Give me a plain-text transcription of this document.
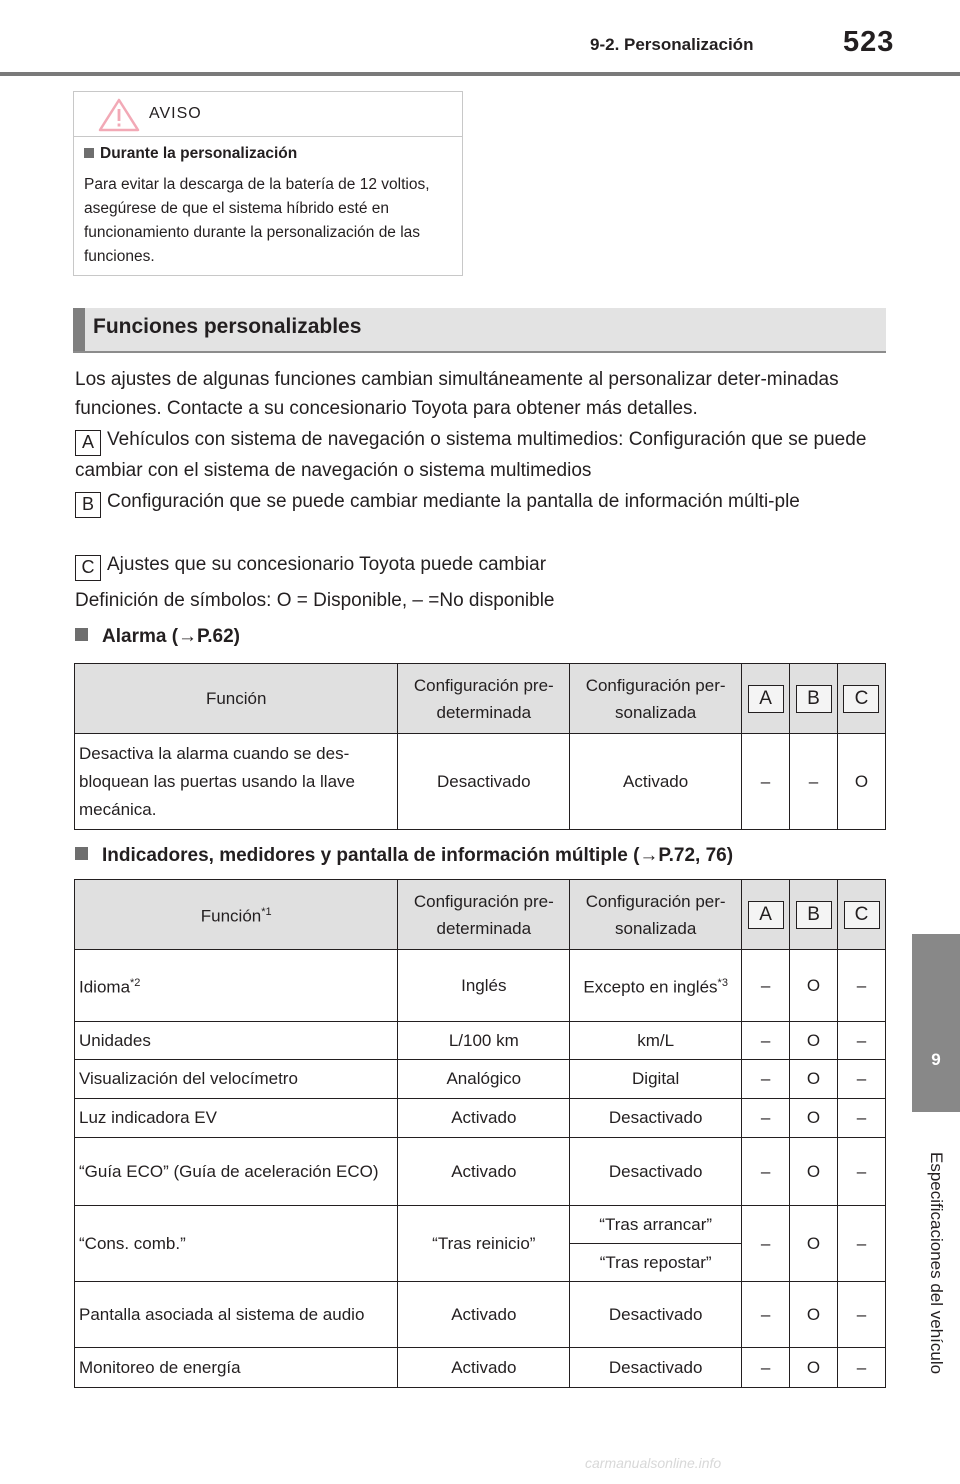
9-2. Personalización	523
9
Especificaciones del vehículo
AVISO
Durante la personalización
Para evitar la descarga de la batería de 12 voltios, asegúrese de que el sistema híbrido esté en funcionamiento durante la personalización de las funciones.
Funciones personalizables
Los ajustes de algunas funciones cambian simultáneamente al personalizar deter-minadas funciones. Contacte a su concesionario Toyota para obtener más detalles.
A Vehículos con sistema de navegación o sistema multimedios: Configuración que se puede cambiar con el sistema de navegación o sistema multimedios
B Configuración que se puede cambiar mediante la pantalla de información múlti-ple
C Ajustes que su concesionario Toyota puede cambiar
Definición de símbolos: O = Disponible, – =No disponible
Alarma (→P.62)
Función	Configuración pre-determinada	Configuración per-sonalizada	A	B	C
Desactiva la alarma cuando se des-bloquean las puertas usando la llave mecánica.	Desactivado	Activado	–	–	O
Indicadores, medidores y pantalla de información múltiple (→P.72, 76)
Función$^{*1}$	Configuración pre-determinada	Configuración per-sonalizada	A	B	C
Idioma$^{*2}$	Inglés	Excepto en inglés$^{*3}$	–	O	–
Unidades	L/100 km	km/L	–	O	–
Visualización del velocímetro	Analógico	Digital	–	O	–
Luz indicadora EV	Activado	Desactivado	–	O	–
“Guía ECO” (Guía de aceleración ECO)	Activado	Desactivado	–	O	–
“Cons. comb.”	“Tras reinicio”	“Tras arrancar”	–	O	–
		“Tras repostar”			
Pantalla asociada al sistema de audio	Activado	Desactivado	–	O	–
Monitoreo de energía	Activado	Desactivado	–	O	–
carmanualsonline.info
